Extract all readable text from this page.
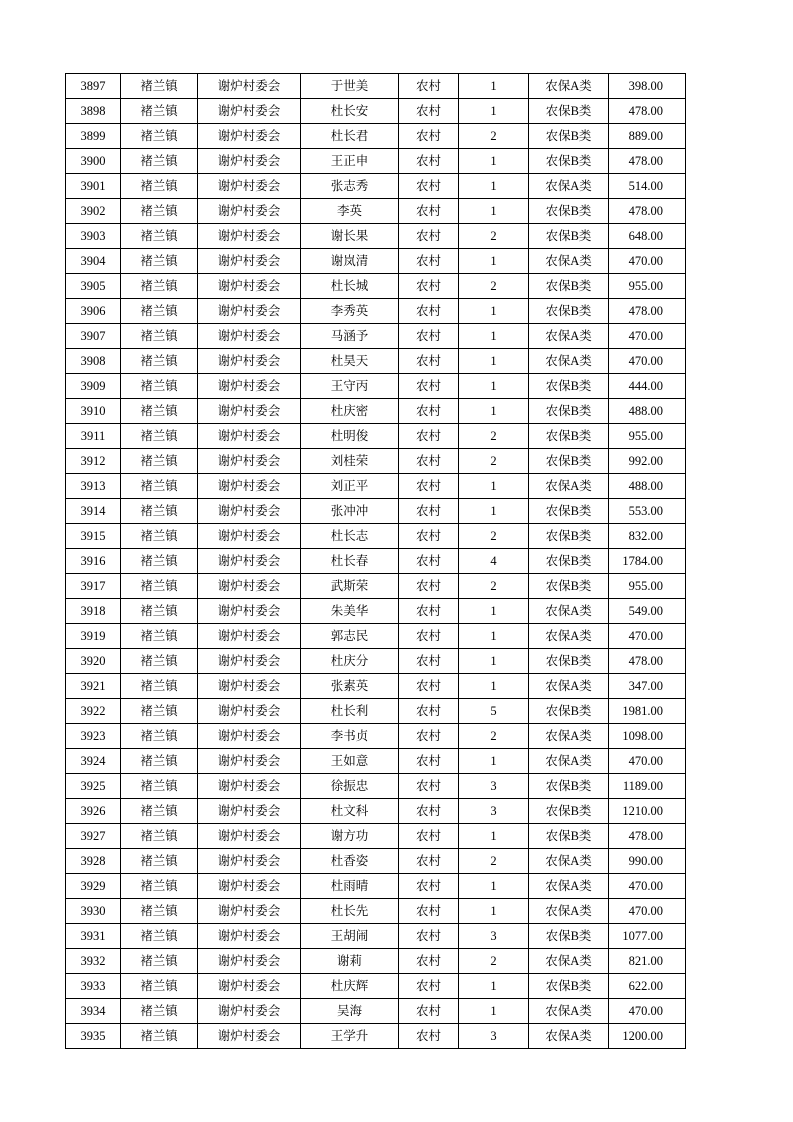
3897	褚兰镇	谢炉村委会	于世美	农村	1	农保A类	398.00
3898	褚兰镇	谢炉村委会	杜长安	农村	1	农保B类	478.00
3899	褚兰镇	谢炉村委会	杜长君	农村	2	农保B类	889.00
3900	褚兰镇	谢炉村委会	王正申	农村	1	农保B类	478.00
3901	褚兰镇	谢炉村委会	张志秀	农村	1	农保A类	514.00
3902	褚兰镇	谢炉村委会	李英	农村	1	农保B类	478.00
3903	褚兰镇	谢炉村委会	谢长果	农村	2	农保B类	648.00
3904	褚兰镇	谢炉村委会	谢岚清	农村	1	农保A类	470.00
3905	褚兰镇	谢炉村委会	杜长城	农村	2	农保B类	955.00
3906	褚兰镇	谢炉村委会	李秀英	农村	1	农保B类	478.00
3907	褚兰镇	谢炉村委会	马涵予	农村	1	农保A类	470.00
3908	褚兰镇	谢炉村委会	杜昊天	农村	1	农保A类	470.00
3909	褚兰镇	谢炉村委会	王守丙	农村	1	农保B类	444.00
3910	褚兰镇	谢炉村委会	杜庆密	农村	1	农保B类	488.00
3911	褚兰镇	谢炉村委会	杜明俊	农村	2	农保B类	955.00
3912	褚兰镇	谢炉村委会	刘桂荣	农村	2	农保B类	992.00
3913	褚兰镇	谢炉村委会	刘正平	农村	1	农保A类	488.00
3914	褚兰镇	谢炉村委会	张冲冲	农村	1	农保B类	553.00
3915	褚兰镇	谢炉村委会	杜长志	农村	2	农保B类	832.00
3916	褚兰镇	谢炉村委会	杜长春	农村	4	农保B类	1784.00
3917	褚兰镇	谢炉村委会	武斯荣	农村	2	农保B类	955.00
3918	褚兰镇	谢炉村委会	朱美华	农村	1	农保A类	549.00
3919	褚兰镇	谢炉村委会	郭志民	农村	1	农保A类	470.00
3920	褚兰镇	谢炉村委会	杜庆分	农村	1	农保B类	478.00
3921	褚兰镇	谢炉村委会	张素英	农村	1	农保A类	347.00
3922	褚兰镇	谢炉村委会	杜长利	农村	5	农保B类	1981.00
3923	褚兰镇	谢炉村委会	李书贞	农村	2	农保A类	1098.00
3924	褚兰镇	谢炉村委会	王如意	农村	1	农保A类	470.00
3925	褚兰镇	谢炉村委会	徐振忠	农村	3	农保B类	1189.00
3926	褚兰镇	谢炉村委会	杜文科	农村	3	农保B类	1210.00
3927	褚兰镇	谢炉村委会	谢方功	农村	1	农保B类	478.00
3928	褚兰镇	谢炉村委会	杜香姿	农村	2	农保A类	990.00
3929	褚兰镇	谢炉村委会	杜雨晴	农村	1	农保A类	470.00
3930	褚兰镇	谢炉村委会	杜长先	农村	1	农保A类	470.00
3931	褚兰镇	谢炉村委会	王胡闹	农村	3	农保B类	1077.00
3932	褚兰镇	谢炉村委会	谢莉	农村	2	农保A类	821.00
3933	褚兰镇	谢炉村委会	杜庆辉	农村	1	农保B类	622.00
3934	褚兰镇	谢炉村委会	吴海	农村	1	农保A类	470.00
3935	褚兰镇	谢炉村委会	王学升	农村	3	农保A类	1200.00
